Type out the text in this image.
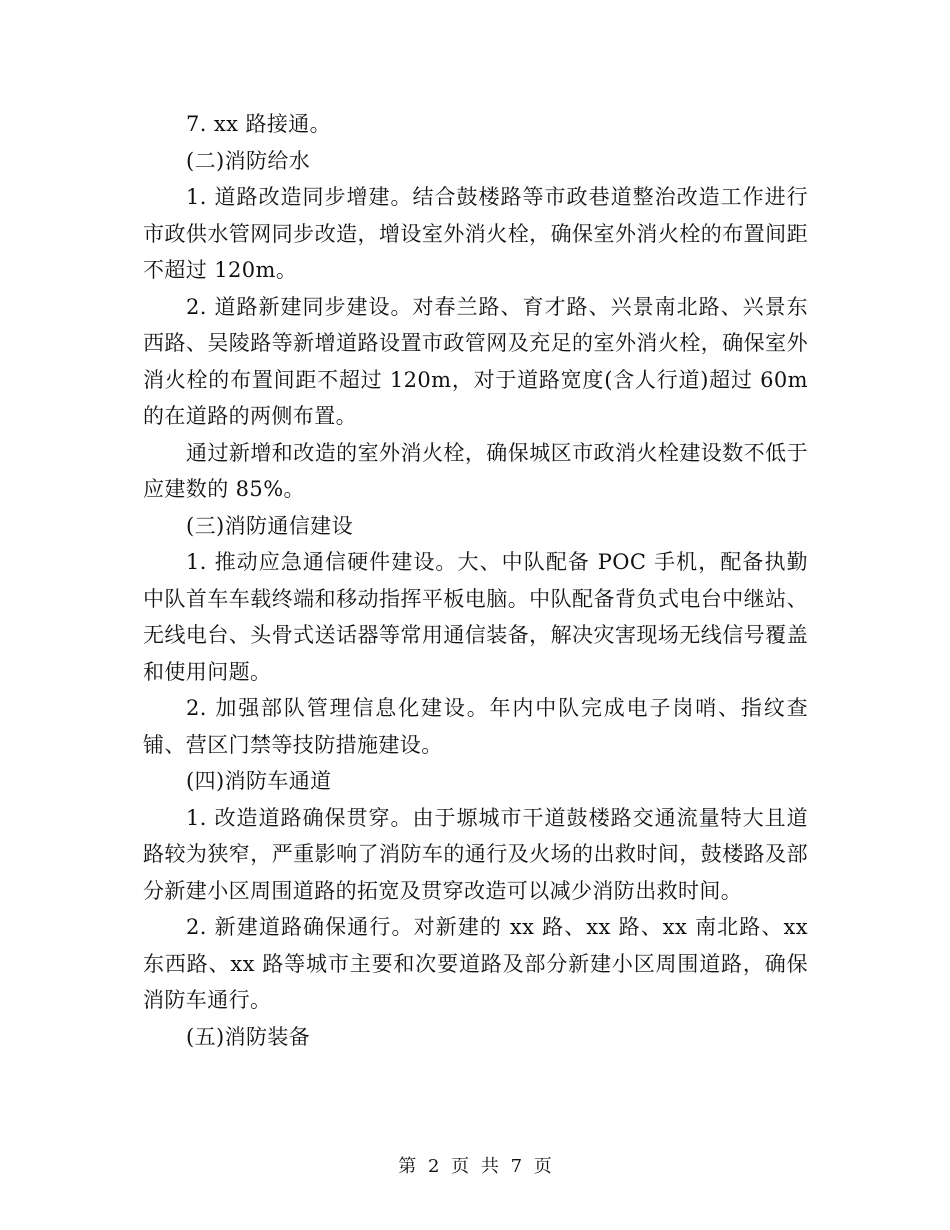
7. xx 路接通。

(二)消防给水

1. 道路改造同步增建。结合鼓楼路等市政巷道整治改造工作进行市政供水管网同步改造，增设室外消火栓，确保室外消火栓的布置间距不超过 120m。

2. 道路新建同步建设。对春兰路、育才路、兴景南北路、兴景东西路、吴陵路等新增道路设置市政管网及充足的室外消火栓，确保室外消火栓的布置间距不超过 120m，对于道路宽度(含人行道)超过 60m 的在道路的两侧布置。

通过新增和改造的室外消火栓，确保城区市政消火栓建设数不低于应建数的 85%。

(三)消防通信建设

1. 推动应急通信硬件建设。大、中队配备 POC 手机，配备执勤中队首车车载终端和移动指挥平板电脑。中队配备背负式电台中继站、无线电台、头骨式送话器等常用通信装备，解决灾害现场无线信号覆盖和使用问题。

2. 加强部队管理信息化建设。年内中队完成电子岗哨、指纹查铺、营区门禁等技防措施建设。

(四)消防车通道

1. 改造道路确保贯穿。由于塬城市干道鼓楼路交通流量特大且道路较为狭窄，严重影响了消防车的通行及火场的出救时间，鼓楼路及部分新建小区周围道路的拓宽及贯穿改造可以减少消防出救时间。

2. 新建道路确保通行。对新建的 xx 路、xx 路、xx 南北路、xx 东西路、xx 路等城市主要和次要道路及部分新建小区周围道路，确保消防车通行。

(五)消防装备

第 2 页 共 7 页
